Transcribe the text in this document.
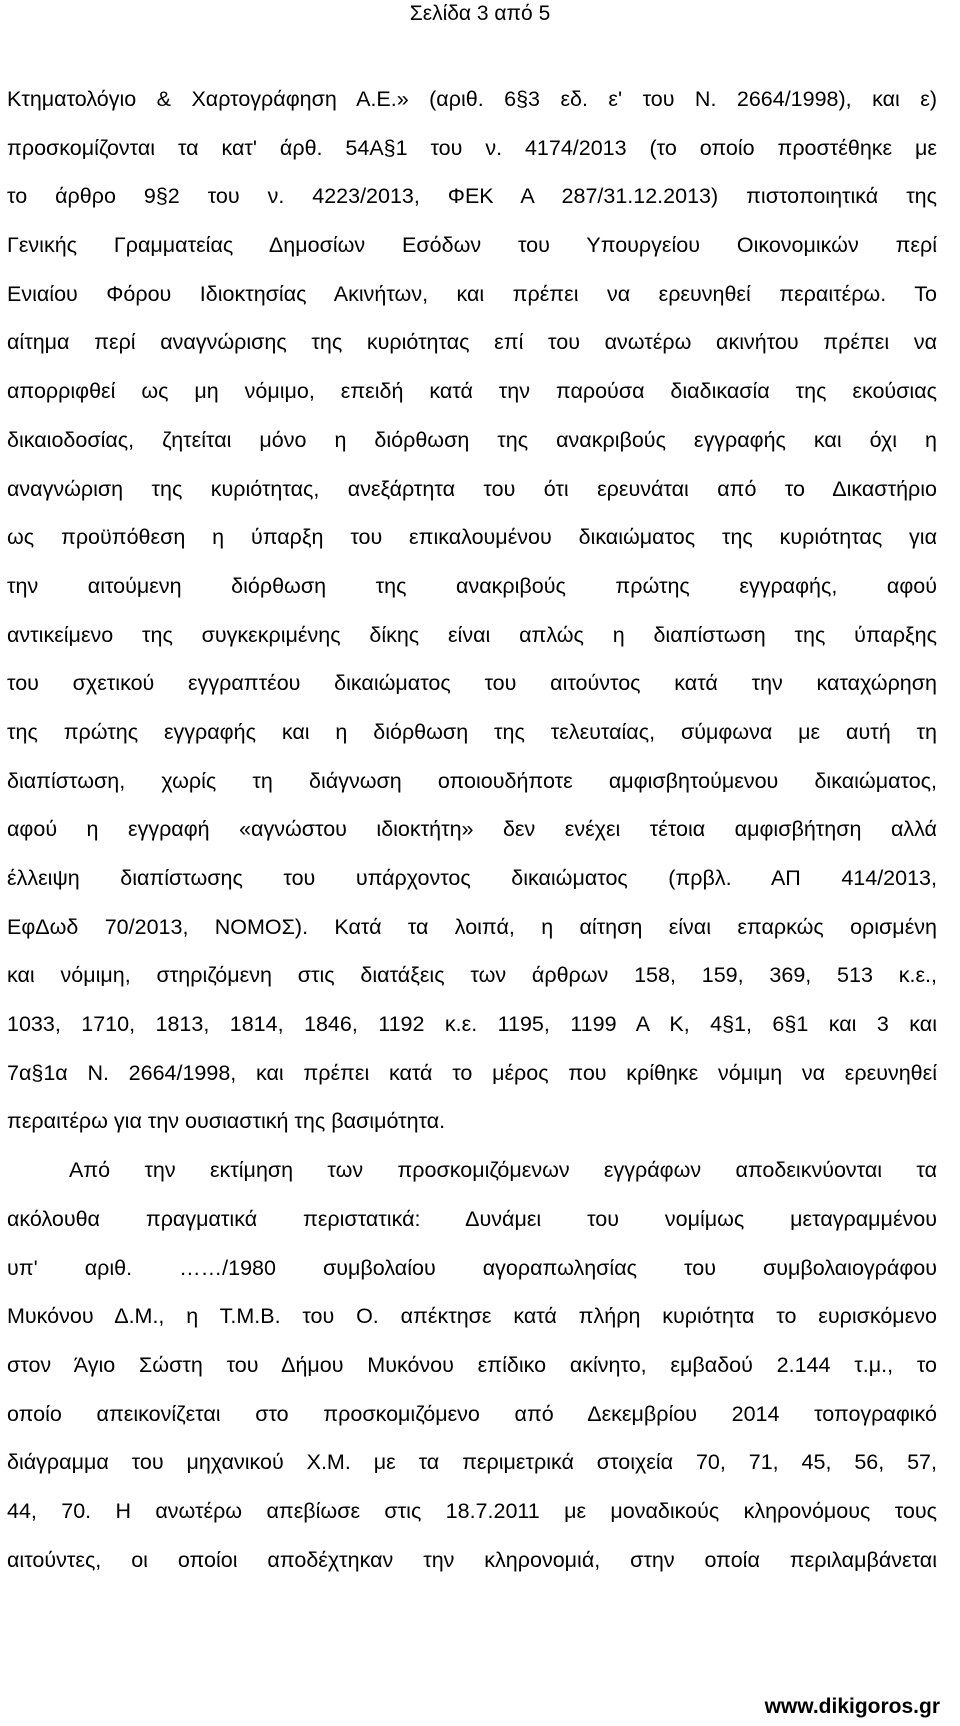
Σελίδα 3 από 5
Κτηματολόγιο & Χαρτογράφηση Α.Ε.» (αριθ. 6§3 εδ. ε' του Ν. 2664/1998), και ε)
προσκομίζονται τα κατ' άρθ. 54Α§1 του ν. 4174/2013 (το οποίο προστέθηκε με
το άρθρο 9§2 του ν. 4223/2013, ΦΕΚ Α 287/31.12.2013) πιστοποιητικά της
Γενικής Γραμματείας Δημοσίων Εσόδων του Υπουργείου Οικονομικών περί
Ενιαίου Φόρου Ιδιοκτησίας Ακινήτων, και πρέπει να ερευνηθεί περαιτέρω. Το
αίτημα περί αναγνώρισης της κυριότητας επί του ανωτέρω ακινήτου πρέπει να
απορριφθεί ως μη νόμιμο, επειδή κατά την παρούσα διαδικασία της εκούσιας
δικαιοδοσίας, ζητείται μόνο η διόρθωση της ανακριβούς εγγραφής και όχι η
αναγνώριση της κυριότητας, ανεξάρτητα του ότι ερευνάται από το Δικαστήριο
ως προϋπόθεση η ύπαρξη του επικαλουμένου δικαιώματος της κυριότητας για
την αιτούμενη διόρθωση της ανακριβούς πρώτης εγγραφής, αφού
αντικείμενο της συγκεκριμένης δίκης είναι απλώς η διαπίστωση της ύπαρξης
του σχετικού εγγραπτέου δικαιώματος του αιτούντος κατά την καταχώρηση
της πρώτης εγγραφής και η διόρθωση της τελευταίας, σύμφωνα με αυτή τη
διαπίστωση, χωρίς τη διάγνωση οποιουδήποτε αμφισβητούμενου δικαιώματος,
αφού η εγγραφή «αγνώστου ιδιοκτήτη» δεν ενέχει τέτοια αμφισβήτηση αλλά
έλλειψη διαπίστωσης του υπάρχοντος δικαιώματος (πρβλ. ΑΠ 414/2013,
ΕφΔωδ 70/2013, ΝΟΜΟΣ). Κατά τα λοιπά, η αίτηση είναι επαρκώς ορισμένη
και νόμιμη, στηριζόμενη στις διατάξεις των άρθρων 158, 159, 369, 513 κ.ε.,
1033, 1710, 1813, 1814, 1846, 1192 κ.ε. 1195, 1199 Α Κ, 4§1, 6§1 και 3 και
7α§1α Ν. 2664/1998, και πρέπει κατά το μέρος που κρίθηκε νόμιμη να ερευνηθεί
περαιτέρω για την ουσιαστική της βασιμότητα.
Από την εκτίμηση των προσκομιζόμενων εγγράφων αποδεικνύονται τα
ακόλουθα πραγματικά περιστατικά: Δυνάμει του νομίμως μεταγραμμένου
υπ' αριθ. ……/1980 συμβολαίου αγοραπωλησίας του συμβολαιογράφου
Μυκόνου Δ.Μ., η Τ.Μ.Β. του Ο. απέκτησε κατά πλήρη κυριότητα το ευρισκόμενο
στον Άγιο Σώστη του Δήμου Μυκόνου επίδικο ακίνητο, εμβαδού 2.144 τ.μ., το
οποίο απεικονίζεται στο προσκομιζόμενο από Δεκεμβρίου 2014 τοπογραφικό
διάγραμμα του μηχανικού Χ.Μ. με τα περιμετρικά στοιχεία 70, 71, 45, 56, 57,
44, 70. Η ανωτέρω απεβίωσε στις 18.7.2011 με μοναδικούς κληρονόμους τους
αιτούντες, οι οποίοι αποδέχτηκαν την κληρονομιά, στην οποία περιλαμβάνεται
www.dikigoros.gr
